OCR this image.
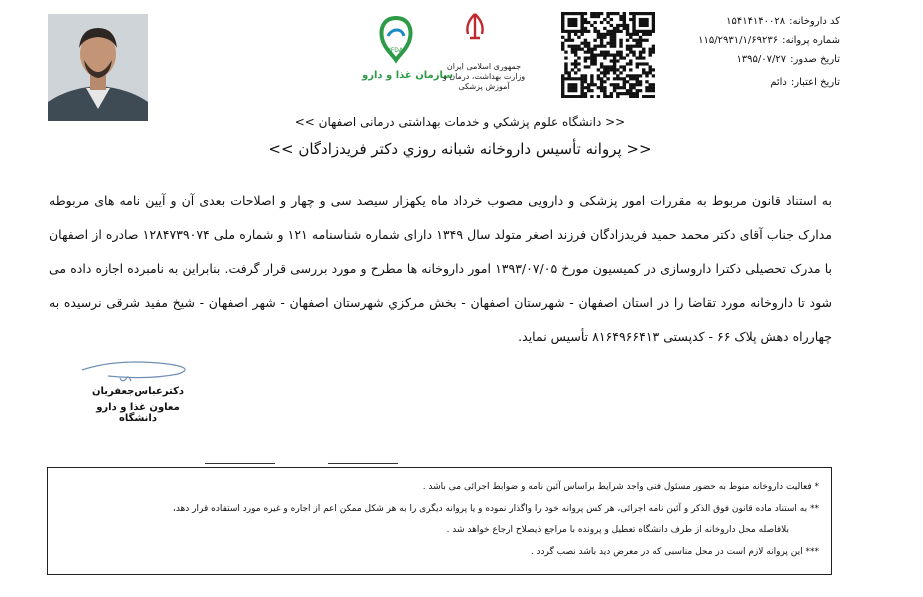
IFDA
سازمان غذا و دارو
جمهوری اسلامی ایران وزارت بهداشت، درمان و آموزش پزشکی
کد داروخانه:۱۵۴۱۴۱۴۰۰۲۸
شماره پروانه:۱۱۵/۲۹۳۱/۱/۶۹۲۳۶
تاریخ صدور:۱۳۹۵/۰۷/۲۷
تاریخ اعتبار:دائم
<< دانشگاه علوم پزشكي و خدمات بهداشتی درمانی اصفهان >>
<< پروانه تأسیس داروخانه شبانه روزي دکتر فریدزادگان >>
به استناد قانون مربوط به مقررات امور پزشکی و دارویی مصوب خرداد ماه یکهزار سیصد سی و چهار و اصلاحات بعدی آن و آیین نامه های مربوطه مدارک جناب آقای دکتر محمد حمید فریدزادگان فرزند اصغر متولد سال ۱۳۴۹ دارای شماره شناسنامه ۱۲۱ و شماره ملی ۱۲۸۴۷۳۹۰۷۴ صادره از اصفهان با مدرک تحصیلی دکترا داروسازی در کمیسیون مورخ ۱۳۹۳/۰۷/۰۵ امور داروخانه ها مطرح و مورد بررسی قرار گرفت. بنابراین به نامبرده اجازه داده می شود تا داروخانه مورد تقاضا را در استان اصفهان - شهرستان اصفهان - بخش مرکزي شهرستان اصفهان - شهر اصفهان - شیخ مفید شرقی نرسیده به چهارراه دهش پلاک ۶۶ - کدپستی ۸۱۶۴۹۶۶۴۱۳ تأسیس نماید.
دکترعباس‌جعفریان
معاون غذا و دارو دانشگاه
* فعالیت داروخانه منوط به حضور مسئول فنی واجد شرایط براساس آئین نامه و ضوابط اجرائی می باشد .
** به استناد ماده قانون فوق الذکر و آئین نامه اجرائی، هر کس پروانه خود را واگذار نموده و یا پروانه دیگری را به هر شکل ممکن اعم از اجاره و غیره مورد استفاده قرار دهد،
بلافاصله محل داروخانه از طرف دانشگاه تعطیل و پرونده با مراجع ذیصلاح ارجاع خواهد شد .
*** این پروانه لازم است در محل مناسبی که در معرض دید باشد نصب گردد .
